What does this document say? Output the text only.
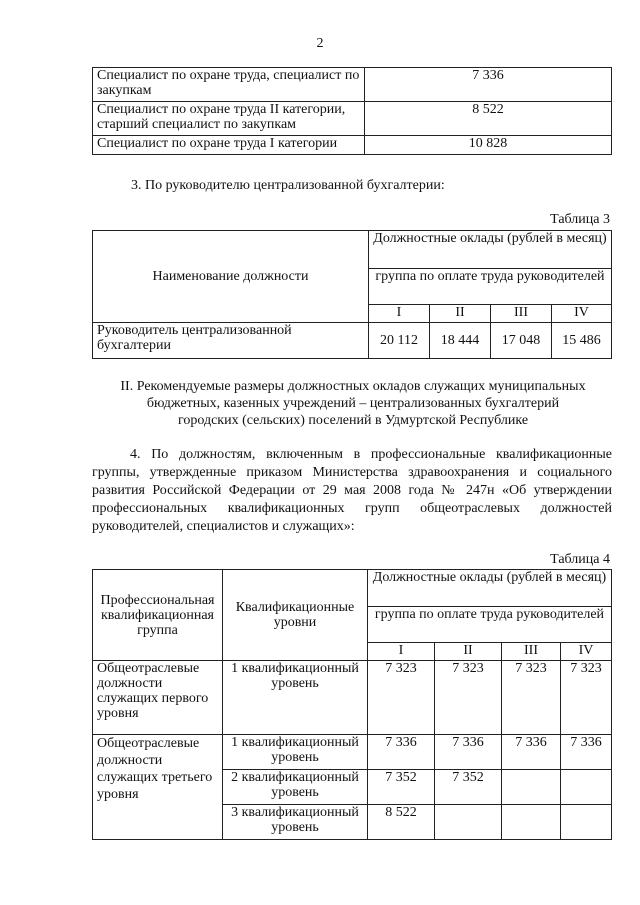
2
Специалист по охране труда, специалист по закупкам	7 336
Специалист по охране труда II категории, старший специалист по закупкам	8 522
Специалист по охране труда I категории	10 828
3. По руководителю централизованной бухгалтерии:
Таблица 3
Наименование должности	Должностные оклады (рублей в месяц)			
	группа по оплате труда руководителей			
	I	II	III	IV
Руководитель централизованной бухгалтерии	20 112	18 444	17 048	15 486
II. Рекомендуемые размеры должностных окладов служащих муниципальных бюджетных, казенных учреждений – централизованных бухгалтерий городских (сельских) поселений в Удмуртской Республике
4. По должностям, включенным в профессиональные квалификационные группы, утвержденные приказом Министерства здравоохранения и социального развития Российской Федерации от 29 мая 2008 года № 247н «Об утверждении профессиональных квалификационных групп общеотраслевых должностей руководителей, специалистов и служащих»:
Таблица 4
Профессиональная квалификационная группа	Квалификационные уровни	Должностные оклады (рублей в месяц)			
		группа по оплате труда руководителей			
		I	II	III	IV
Общеотраслевые должности служащих первого уровня	1 квалификационный уровень	7 323	7 323	7 323	7 323
Общеотраслевые должности служащих третьего уровня	1 квалификационный уровень	7 336	7 336	7 336	7 336
	2 квалификационный уровень	7 352	7 352		
	3 квалификационный уровень	8 522			
